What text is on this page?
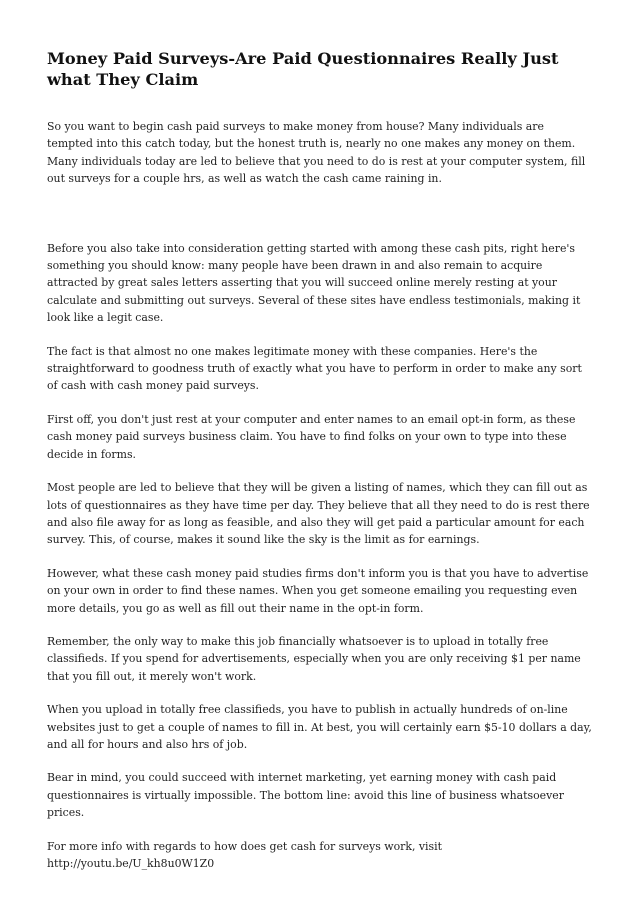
Money Paid Surveys-Are Paid Questionnaires Really Just what They Claim

So you want to begin cash paid surveys to make money from house? Many individuals are tempted into this catch today, but the honest truth is, nearly no one makes any money on them. Many individuals today are led to believe that you need to do is rest at your computer system, fill out surveys for a couple hrs, as well as watch the cash came raining in.

Before you also take into consideration getting started with among these cash pits, right here's something you should know: many people have been drawn in and also remain to acquire attracted by great sales letters asserting that you will succeed online merely resting at your calculate and submitting out surveys. Several of these sites have endless testimonials, making it look like a legit case.

The fact is that almost no one makes legitimate money with these companies. Here's the straightforward to goodness truth of exactly what you have to perform in order to make any sort of cash with cash money paid surveys.

First off, you don't just rest at your computer and enter names to an email opt-in form, as these cash money paid surveys business claim. You have to find folks on your own to type into these decide in forms.

Most people are led to believe that they will be given a listing of names, which they can fill out as lots of questionnaires as they have time per day. They believe that all they need to do is rest there and also file away for as long as feasible, and also they will get paid a particular amount for each survey. This, of course, makes it sound like the sky is the limit as for earnings.

However, what these cash money paid studies firms don't inform you is that you have to advertise on your own in order to find these names. When you get someone emailing you requesting even more details, you go as well as fill out their name in the opt-in form.

Remember, the only way to make this job financially whatsoever is to upload in totally free classifieds. If you spend for advertisements, especially when you are only receiving $1 per name that you fill out, it merely won't work.

When you upload in totally free classifieds, you have to publish in actually hundreds of on-line websites just to get a couple of names to fill in. At best, you will certainly earn $5-10 dollars a day, and all for hours and also hrs of job.

Bear in mind, you could succeed with internet marketing, yet earning money with cash paid questionnaires is virtually impossible. The bottom line: avoid this line of business whatsoever prices.

For more info with regards to how does get cash for surveys work, visit
http://youtu.be/U_kh8u0W1Z0
